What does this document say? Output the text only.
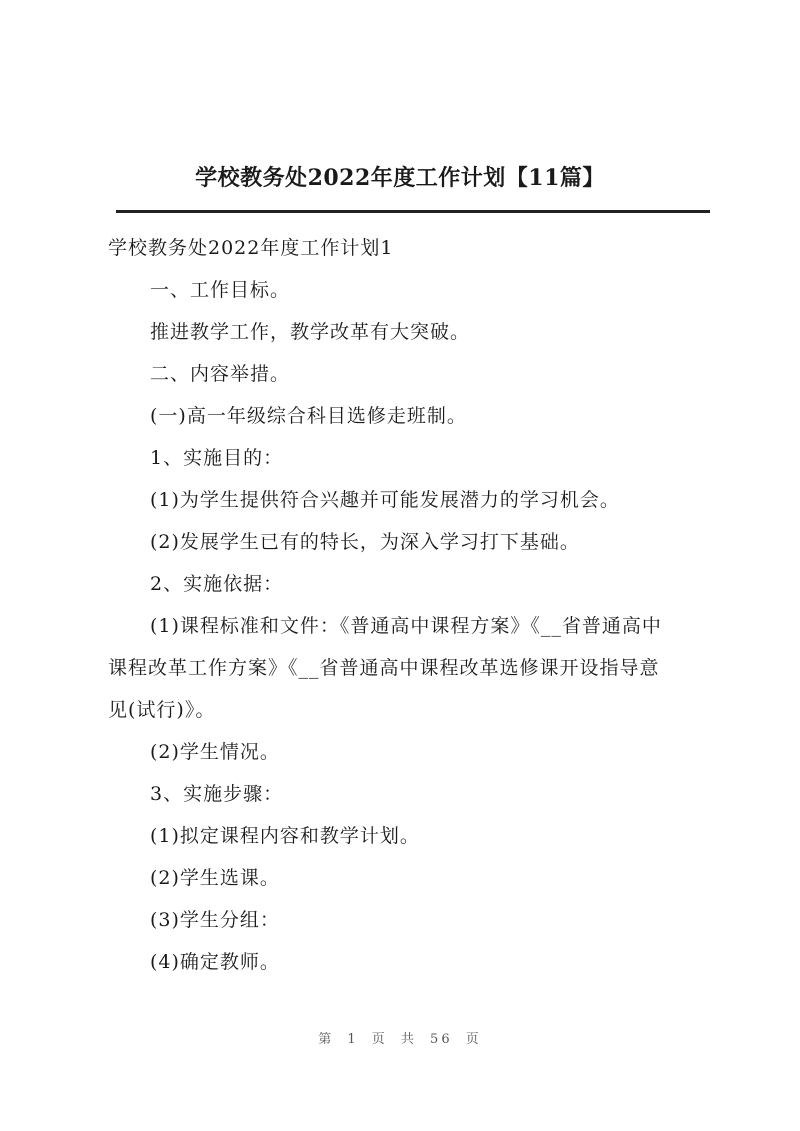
学校教务处2022年度工作计划【11篇】
学校教务处2022年度工作计划1
一、工作目标。
推进教学工作，教学改革有大突破。
二、内容举措。
(一)高一年级综合科目选修走班制。
1、实施目的：
(1)为学生提供符合兴趣并可能发展潜力的学习机会。
(2)发展学生已有的特长，为深入学习打下基础。
2、实施依据：
(1)课程标准和文件：《普通高中课程方案》《__省普通高中
课程改革工作方案》《__省普通高中课程改革选修课开设指导意
见(试行)》。
(2)学生情况。
3、实施步骤：
(1)拟定课程内容和教学计划。
(2)学生选课。
(3)学生分组：
(4)确定教师。
第 1 页 共 56 页
